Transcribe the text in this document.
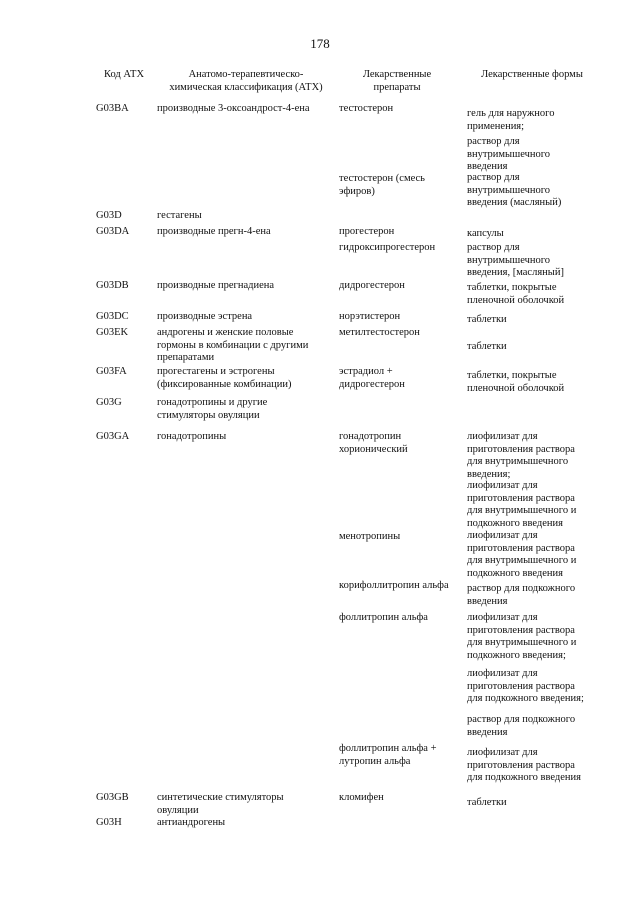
178
Код АТХ	Анатомо-терапевтическо-
химическая классификация (АТХ)
Лекарственные
препараты
Лекарственные формы
G03BA
G03D
G03DA
G03DB
G03DC
G03EK
G03FA
G03G
G03GA
G03GB
G03H
производные 3-оксоандрост-4-ена
гестагены
производные прегн-4-ена
производные прегнадиена
производные эстрена
андрогены и женские половые
гормоны в комбинации с другими
препаратами
прогестагены и эстрогены
(фиксированные комбинации)
гонадотропины и другие
стимуляторы овуляции
гонадотропины
синтетические стимуляторы
овуляции
антиандрогены
тестостерон
тестостерон (смесь
эфиров)
прогестерон
гидроксипрогестерон
дидрогестерон
норэтистерон
метилтестостерон
эстрадиол +
дидрогестерон
гонадотропин
хорионический
менотропины
корифоллитропин альфа
фоллитропин альфа
фоллитропин альфа +
лутропин альфа
кломифен
гель для наружного
применения;
раствор для
внутримышечного
введения
раствор для
внутримышечного
введения (масляный)
капсулы
раствор для
внутримышечного
введения, [масляный]
таблетки, покрытые
пленочной оболочкой
таблетки
таблетки
таблетки, покрытые
пленочной оболочкой
лиофилизат для
приготовления раствора
для внутримышечного
введения;
лиофилизат для
приготовления раствора
для внутримышечного и
подкожного введения
лиофилизат для
приготовления раствора
для внутримышечного и
подкожного введения
раствор для подкожного
введения
лиофилизат для
приготовления раствора
для внутримышечного и
подкожного введения;
лиофилизат для
приготовления раствора
для подкожного введения;
раствор для подкожного
введения
лиофилизат для
приготовления раствора
для подкожного введения
таблетки
